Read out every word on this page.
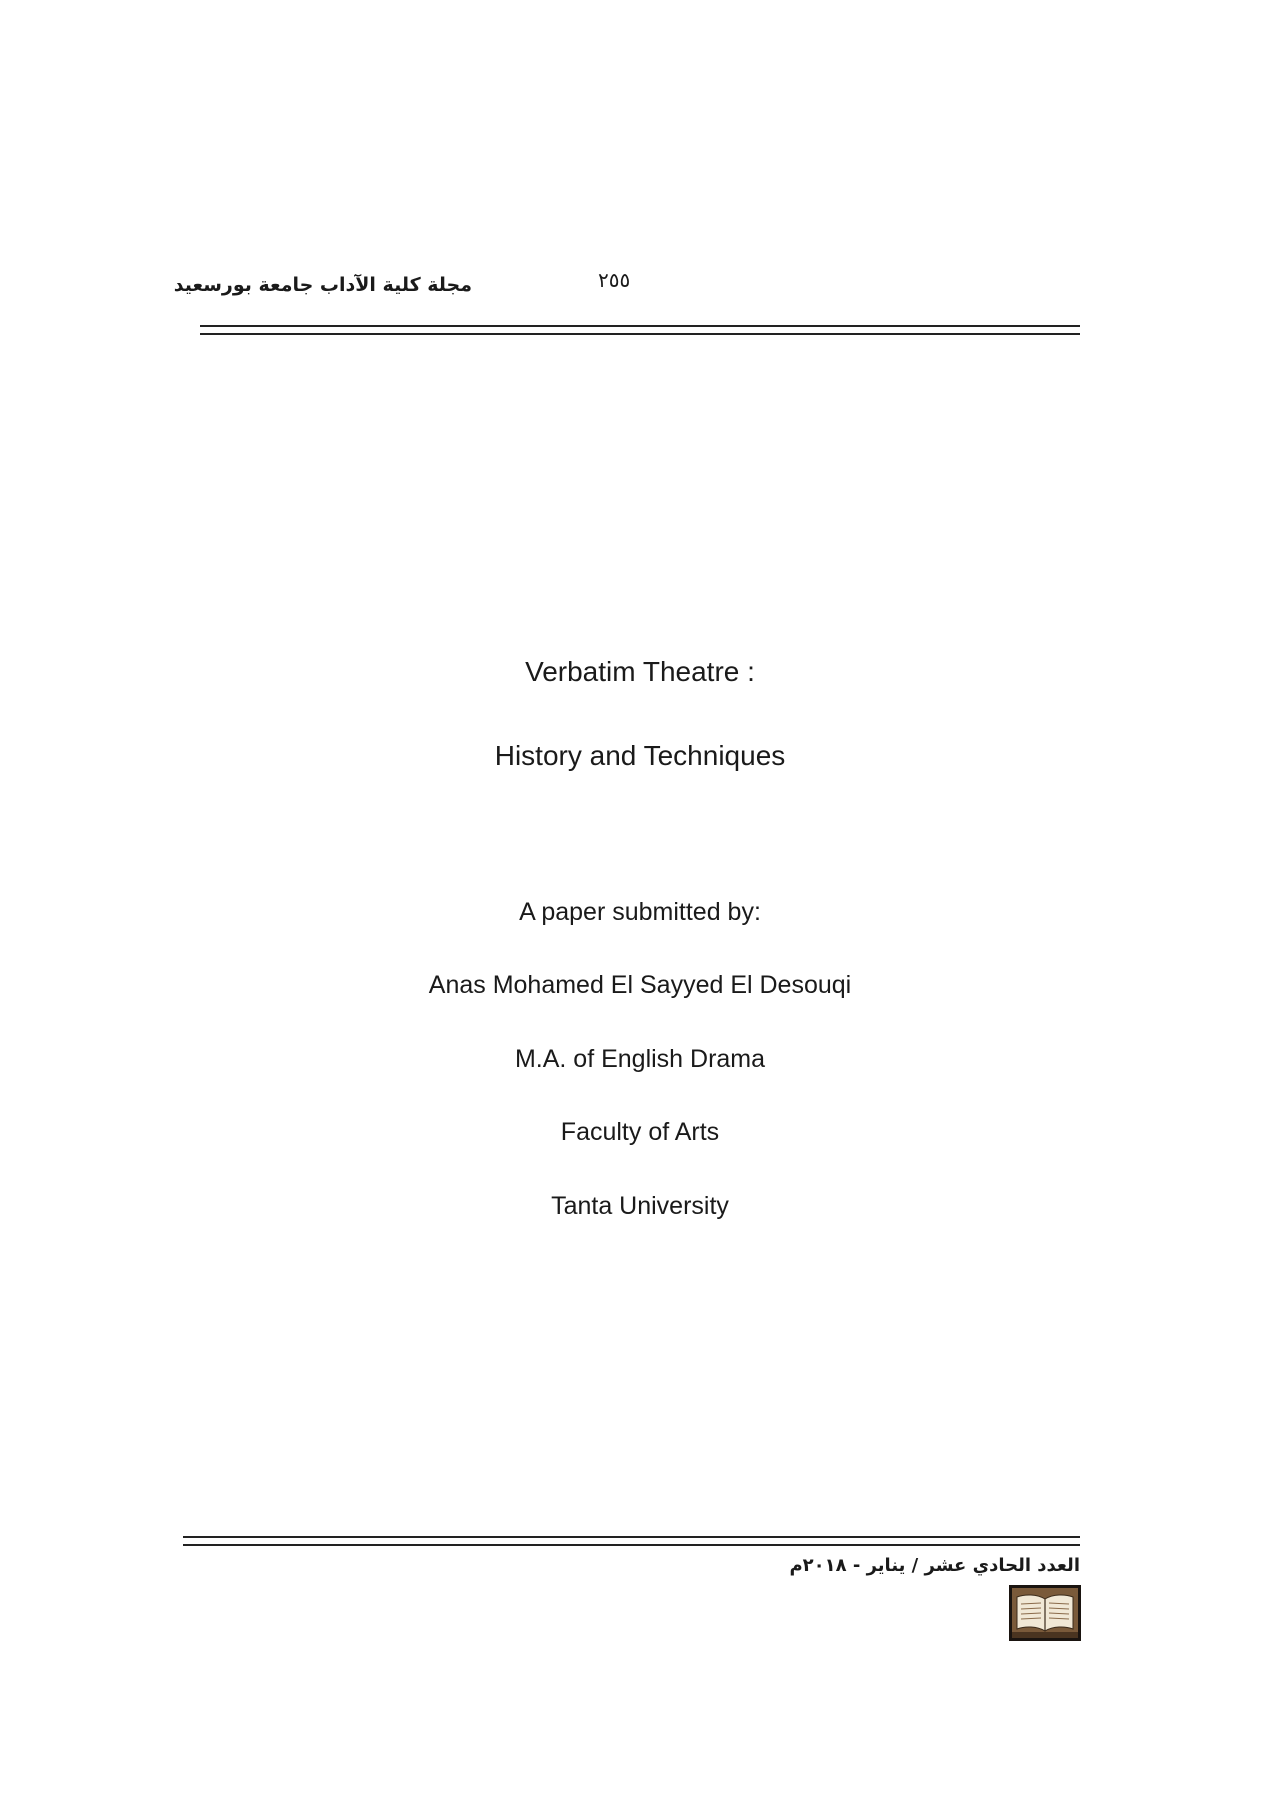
مجلة كلية الآداب جامعة بورسعيد	٢٥٥
Verbatim Theatre :
History and Techniques
A paper submitted by:
Anas Mohamed El Sayyed El Desouqi
M.A. of English Drama
Faculty of Arts
Tanta University
العدد الحادي عشر / يناير - ٢٠١٨م
